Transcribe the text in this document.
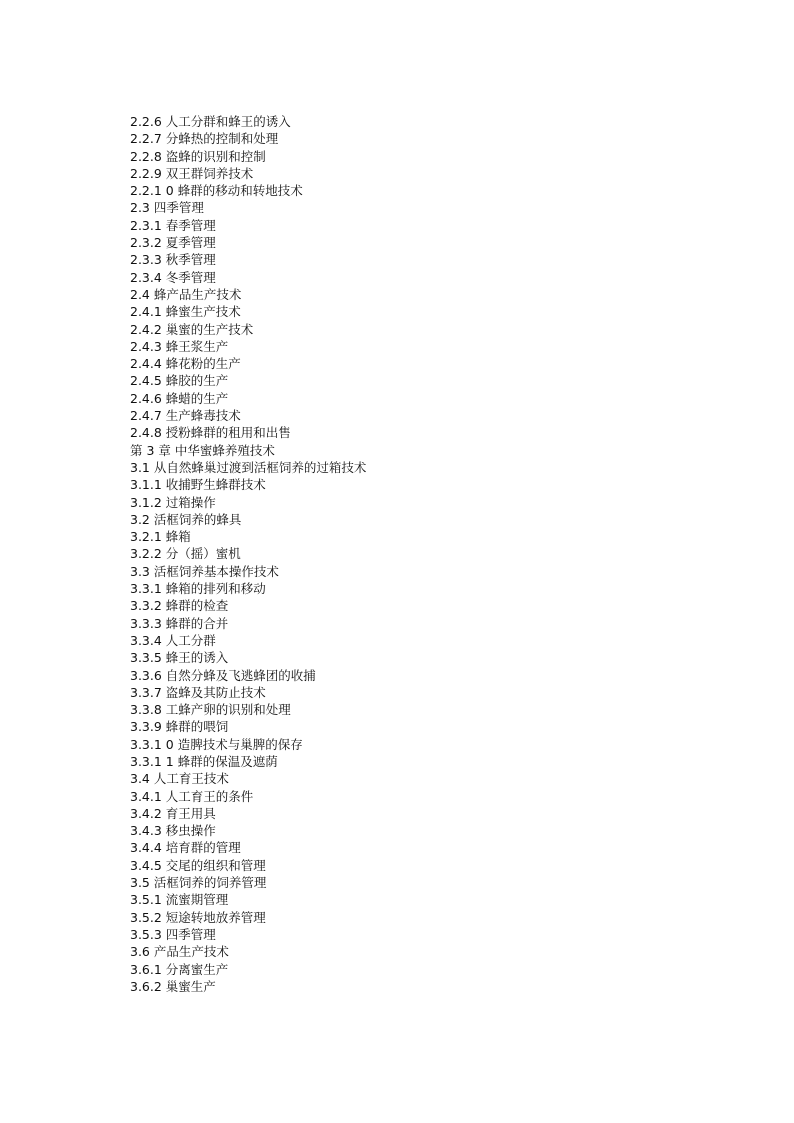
2.2.6 人工分群和蜂王的诱入
2.2.7 分蜂热的控制和处理
2.2.8 盗蜂的识别和控制
2.2.9 双王群饲养技术
2.2.1 0 蜂群的移动和转地技术
2.3 四季管理
2.3.1 春季管理
2.3.2 夏季管理
2.3.3 秋季管理
2.3.4 冬季管理
2.4 蜂产品生产技术
2.4.1 蜂蜜生产技术
2.4.2 巢蜜的生产技术
2.4.3 蜂王浆生产
2.4.4 蜂花粉的生产
2.4.5 蜂胶的生产
2.4.6 蜂蜡的生产
2.4.7 生产蜂毒技术
2.4.8 授粉蜂群的租用和出售
第 3 章 中华蜜蜂养殖技术
3.1 从自然蜂巢过渡到活框饲养的过箱技术
3.1.1 收捕野生蜂群技术
3.1.2 过箱操作
3.2 活框饲养的蜂具
3.2.1 蜂箱
3.2.2 分（摇）蜜机
3.3 活框饲养基本操作技术
3.3.1 蜂箱的排列和移动
3.3.2 蜂群的检查
3.3.3 蜂群的合并
3.3.4 人工分群
3.3.5 蜂王的诱入
3.3.6 自然分蜂及飞逃蜂团的收捕
3.3.7 盗蜂及其防止技术
3.3.8 工蜂产卵的识别和处理
3.3.9 蜂群的喂饲
3.3.1 0 造脾技术与巢脾的保存
3.3.1 1 蜂群的保温及遮荫
3.4 人工育王技术
3.4.1 人工育王的条件
3.4.2 育王用具
3.4.3 移虫操作
3.4.4 培育群的管理
3.4.5 交尾的组织和管理
3.5 活框饲养的饲养管理
3.5.1 流蜜期管理
3.5.2 短途转地放养管理
3.5.3 四季管理
3.6 产品生产技术
3.6.1 分离蜜生产
3.6.2 巢蜜生产
